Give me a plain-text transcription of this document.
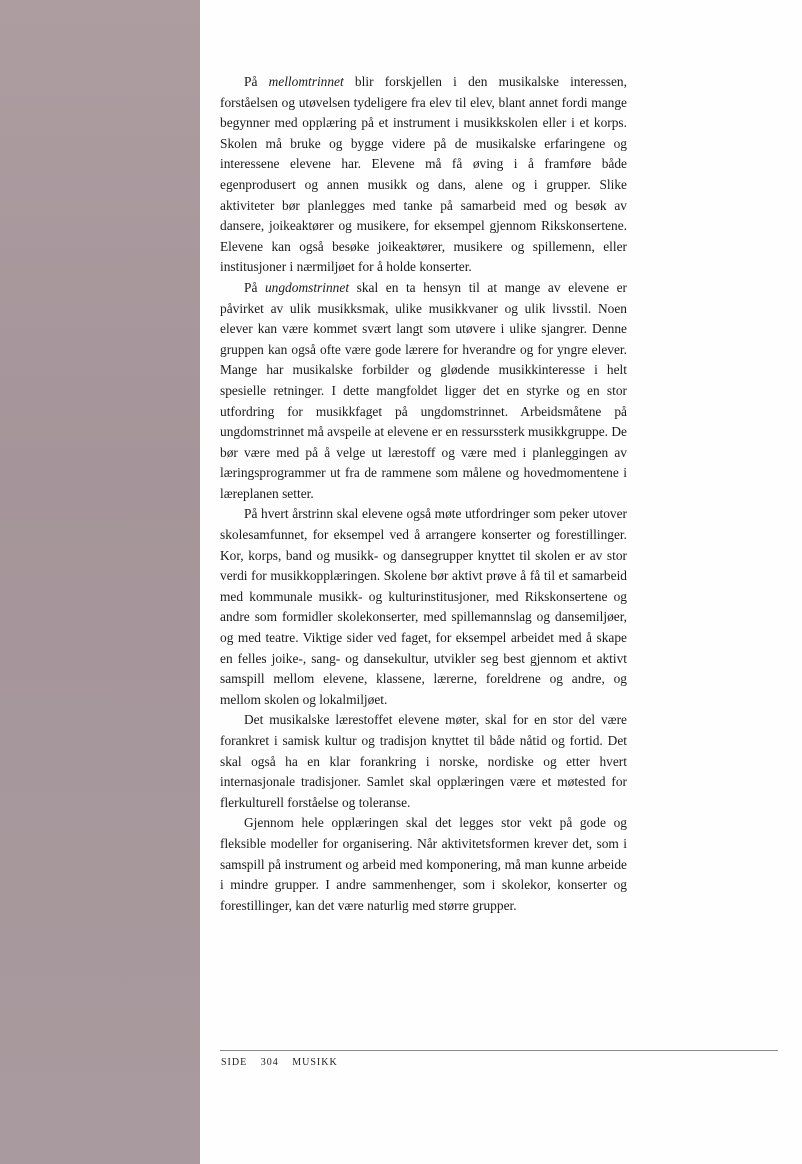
På mellomtrinnet blir forskjellen i den musikalske interessen, forståelsen og utøvelsen tydeligere fra elev til elev, blant annet fordi mange begynner med opplæring på et instrument i musikkskolen eller i et korps. Skolen må bruke og bygge videre på de musikalske erfaringene og interessene elevene har. Elevene må få øving i å framføre både egenprodusert og annen musikk og dans, alene og i grupper. Slike aktiviteter bør planlegges med tanke på samarbeid med og besøk av dansere, joikeaktører og musikere, for eksempel gjennom Rikskonsertene. Elevene kan også besøke joikeaktører, musikere og spillemenn, eller institusjoner i nærmiljøet for å holde konserter.

På ungdomstrinnet skal en ta hensyn til at mange av elevene er påvirket av ulik musikksmak, ulike musikkvaner og ulik livsstil. Noen elever kan være kommet svært langt som utøvere i ulike sjangrer. Denne gruppen kan også ofte være gode lærere for hverandre og for yngre elever. Mange har musikalske forbilder og glødende musikkinteresse i helt spesielle retninger. I dette mangfoldet ligger det en styrke og en stor utfordring for musikkfaget på ungdomstrinnet. Arbeidsmåtene på ungdomstrinnet må avspeile at elevene er en ressurssterk musikkgruppe. De bør være med på å velge ut lærestoff og være med i planleggingen av læringsprogrammer ut fra de rammene som målene og hovedmomentene i læreplanen setter.

På hvert årstrinn skal elevene også møte utfordringer som peker utover skolesamfunnet, for eksempel ved å arrangere konserter og forestillinger. Kor, korps, band og musikk- og dansegrupper knyttet til skolen er av stor verdi for musikkopplæringen. Skolene bør aktivt prøve å få til et samarbeid med kommunale musikk- og kulturinstitusjoner, med Rikskonsertene og andre som formidler skolekonserter, med spillemannslag og dansemiljøer, og med teatre. Viktige sider ved faget, for eksempel arbeidet med å skape en felles joike-, sang- og dansekultur, utvikler seg best gjennom et aktivt samspill mellom elevene, klassene, lærerne, foreldrene og andre, og mellom skolen og lokalmiljøet.

Det musikalske lærestoffet elevene møter, skal for en stor del være forankret i samisk kultur og tradisjon knyttet til både nåtid og fortid. Det skal også ha en klar forankring i norske, nordiske og etter hvert internasjonale tradisjoner. Samlet skal opplæringen være et møtested for flerkulturell forståelse og toleranse.

Gjennom hele opplæringen skal det legges stor vekt på gode og fleksible modeller for organisering. Når aktivitetsformen krever det, som i samspill på instrument og arbeid med komponering, må man kunne arbeide i mindre grupper. I andre sammenhenger, som i skolekor, konserter og forestillinger, kan det være naturlig med større grupper.

SIDE 304 MUSIKK
